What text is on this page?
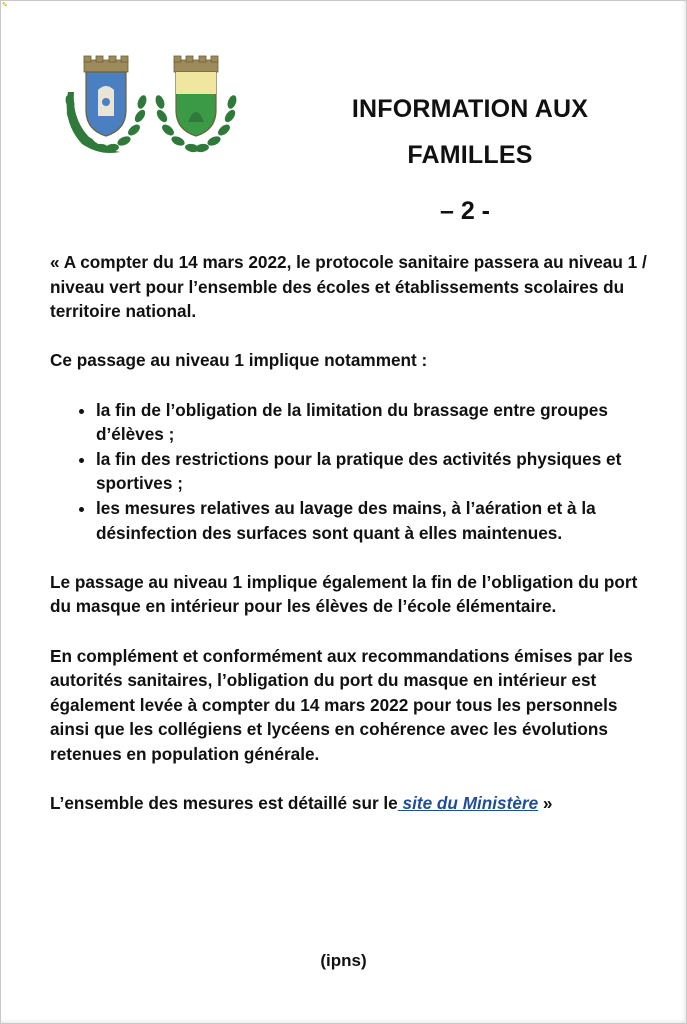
✎
INFORMATION AUX
FAMILLES
– 2 -

« A compter du 14 mars 2022, le protocole sanitaire passera au niveau 1 / niveau vert pour l’ensemble des écoles et établissements scolaires du territoire national.

Ce passage au niveau 1 implique notamment :

• la fin de l’obligation de la limitation du brassage entre groupes d’élèves ;
• la fin des restrictions pour la pratique des activités physiques et sportives ;
• les mesures relatives au lavage des mains, à l’aération et à la désinfection des surfaces sont quant à elles maintenues.

Le passage au niveau 1 implique également la fin de l’obligation du port du masque en intérieur pour les élèves de l’école élémentaire.

En complément et conformément aux recommandations émises par les autorités sanitaires, l’obligation du port du masque en intérieur est également levée à compter du 14 mars 2022 pour tous les personnels ainsi que les collégiens et lycéens en cohérence avec les évolutions retenues en population générale.

L’ensemble des mesures est détaillé sur le site du Ministère »

(ipns)
